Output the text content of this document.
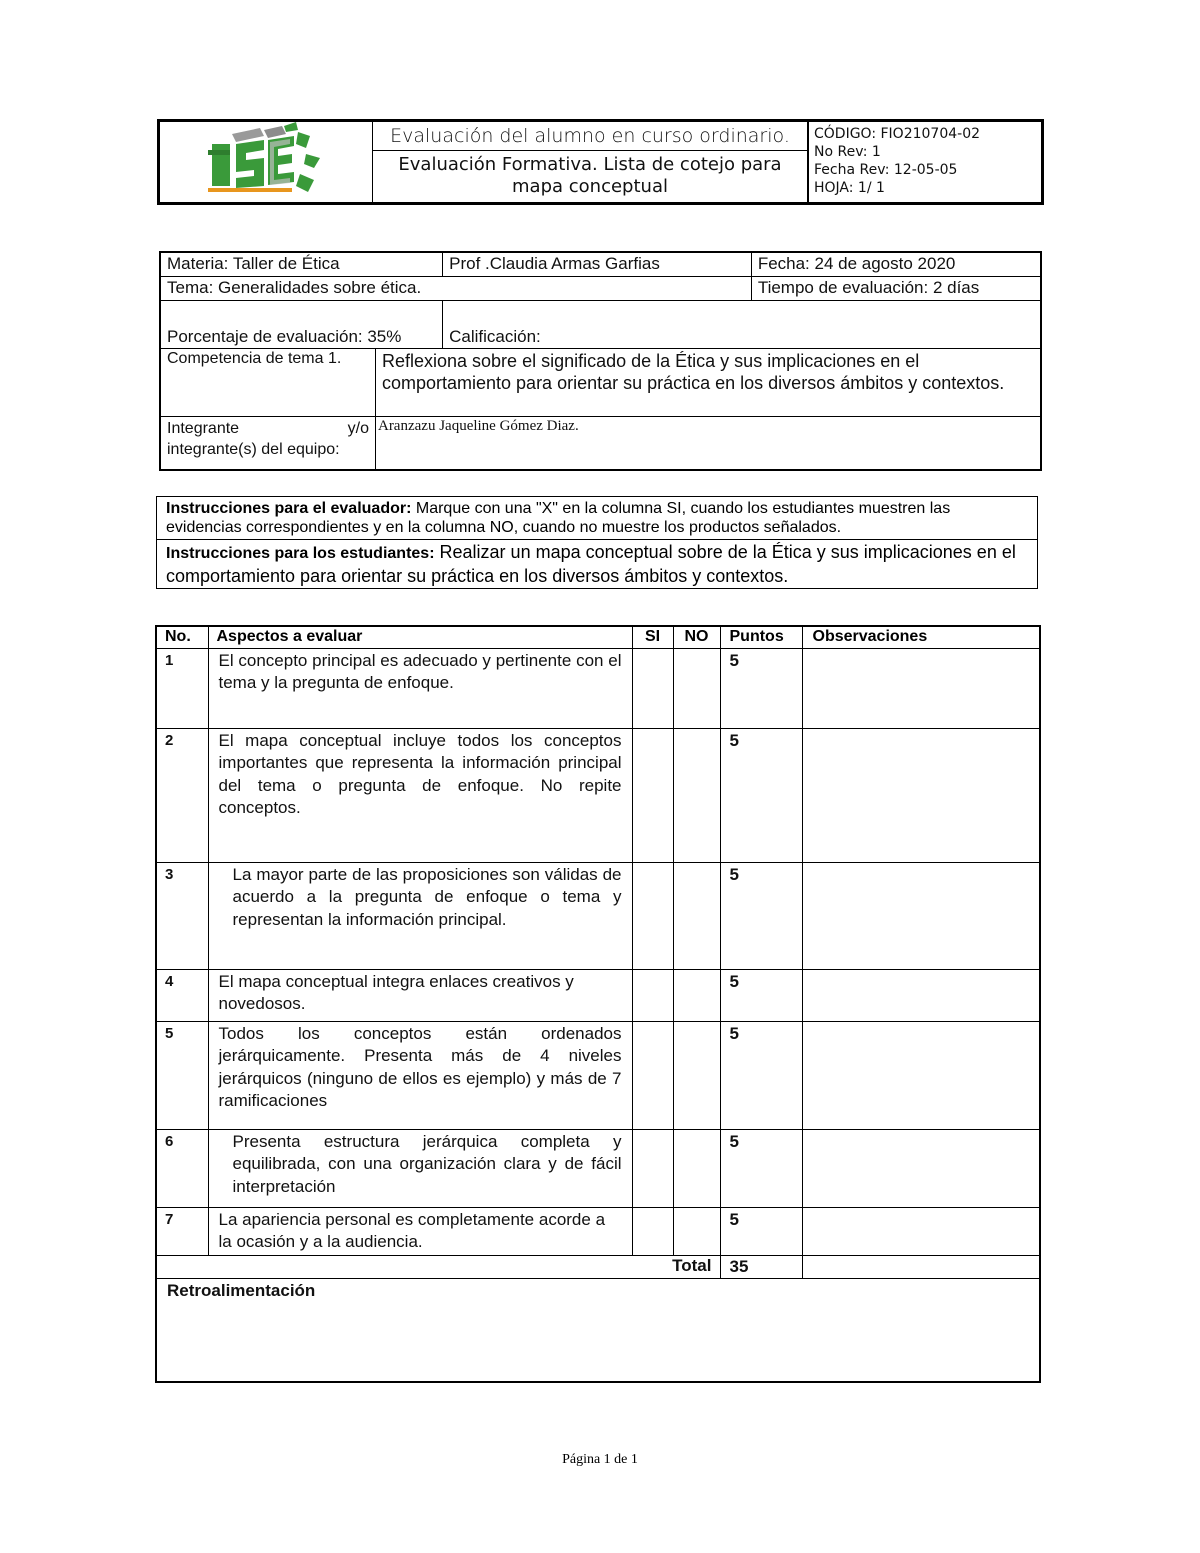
Evaluación del alumno en curso ordinario.
Evaluación Formativa. Lista de cotejo para mapa conceptual
CÓDIGO: FIO210704-02
No Rev: 1
Fecha Rev: 12-05-05
HOJA: 1/ 1
Materia: Taller de Ética		Prof .Claudia Armas Garfias	Fecha: 24 de agosto 2020
Tema: Generalidades sobre ética.			Tiempo de evaluación: 2 días
Porcentaje de evaluación: 35%		Calificación:	
Competencia de tema 1.	Reflexiona sobre el significado de la Ética y sus implicaciones en el comportamiento para orientar su práctica en los diversos ámbitos y contextos.		

Integrante y/o
integrante(s) del equipo:	Aranzazu Jaqueline Gómez Diaz.		
Instrucciones para el evaluador: Marque con una "X" en la columna SI, cuando los estudiantes muestren las evidencias correspondientes y en la columna NO, cuando no muestre los productos señalados.
Instrucciones para los estudiantes: Realizar un mapa conceptual sobre de la Ética y sus implicaciones en el comportamiento para orientar su práctica en los diversos ámbitos y contextos.
No.	Aspectos a evaluar	SI	NO	Puntos	Observaciones
1	El concepto principal es adecuado y pertinente con el tema y la pregunta de enfoque.			5	
2	El mapa conceptual incluye todos los conceptos importantes que representa la información principal del tema o pregunta de enfoque. No repite conceptos.			5	
3	La mayor parte de las proposiciones son válidas de acuerdo a la pregunta de enfoque o tema y representan la información principal.			5	
4	El mapa conceptual integra enlaces creativos y novedosos.			5	
5	Todos los conceptos están ordenados jerárquicamente. Presenta más de 4 niveles jerárquicos (ninguno de ellos es ejemplo) y más de 7 ramificaciones			5	
6	Presenta estructura jerárquica completa y equilibrada, con una organización clara y de fácil interpretación			5	
7	La apariencia personal es completamente acorde a la ocasión y a la audiencia.			5	
Total				35	
Retroalimentación					
Página 1 de 1
